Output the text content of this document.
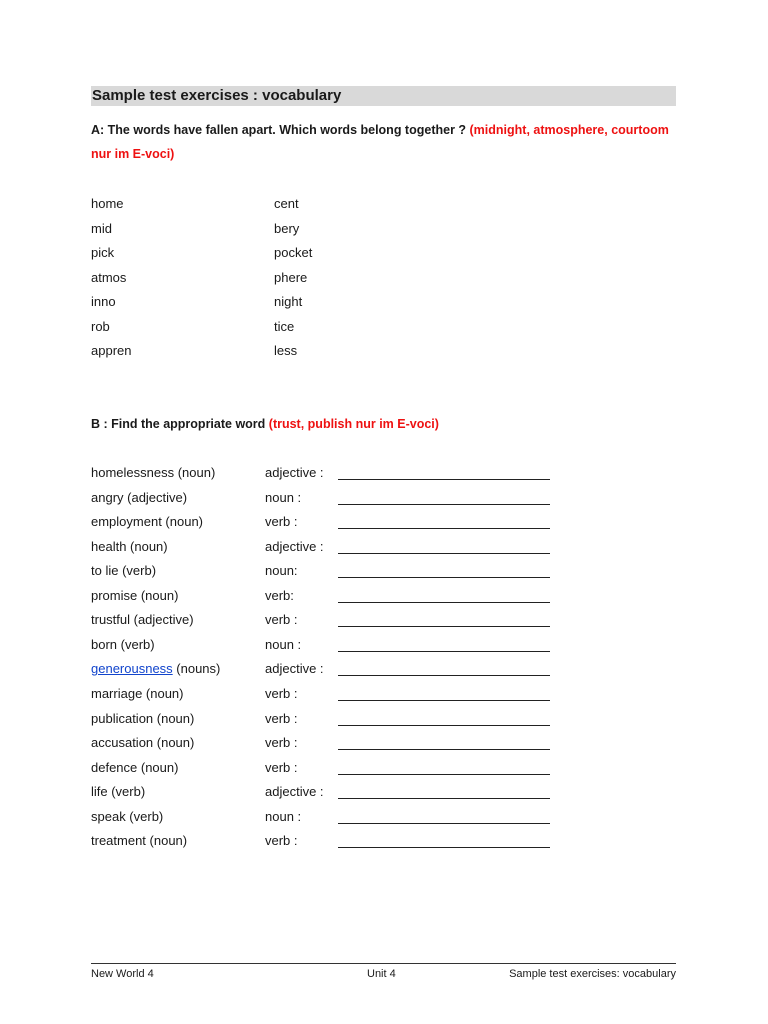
Sample test exercises : vocabulary
A: The words have fallen apart. Which words belong together ? (midnight, atmosphere, courtoom nur im E-voci)
home	cent
mid	bery
pick	pocket
atmos	phere
inno	night
rob	tice
appren	less
B : Find the appropriate word (trust, publish nur im E-voci)
homelessness (noun)	adjective :
angry (adjective)	noun :
employment (noun)	verb :
health (noun)	adjective :
to lie (verb)	noun:
promise (noun)	verb:
trustful (adjective)	verb :
born (verb)	noun :
generousness (nouns)	adjective :
marriage (noun)	verb :
publication (noun)	verb :
accusation (noun)	verb :
defence (noun)	verb :
life (verb)	adjective :
speak (verb)	noun :
treatment (noun)	verb :
New World 4	Unit 4	Sample test exercises: vocabulary
